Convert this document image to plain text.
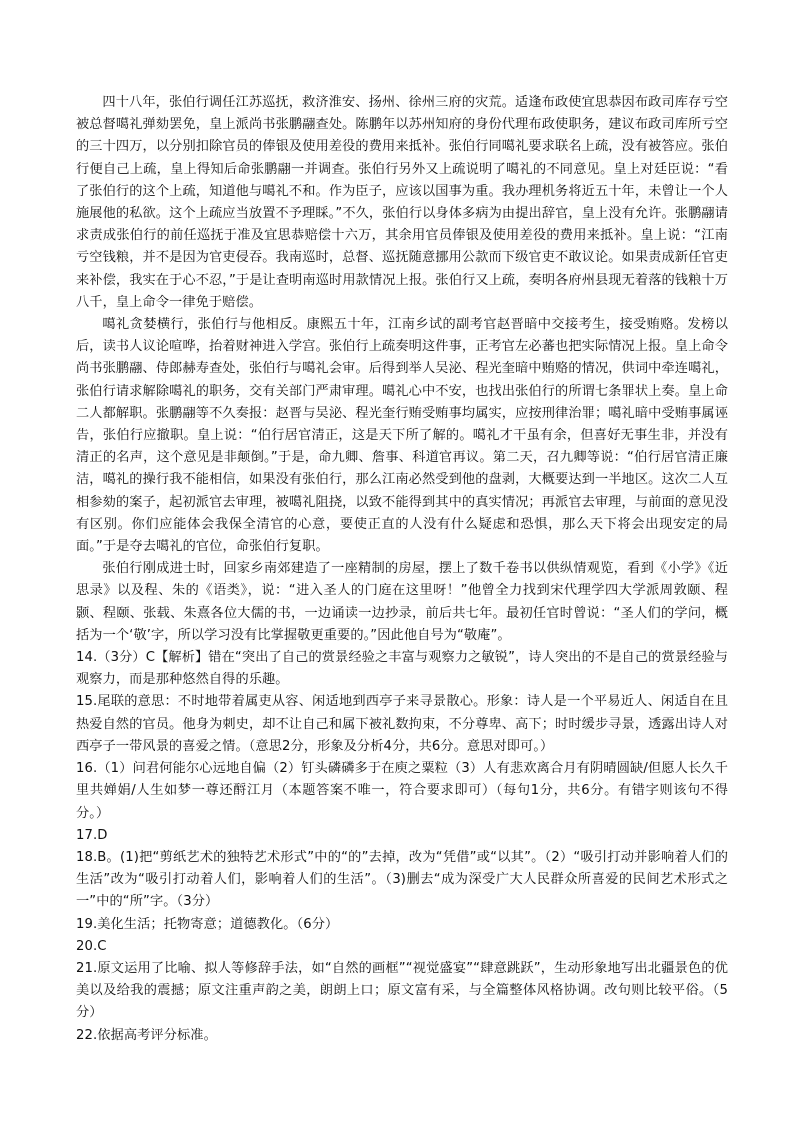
四十八年，张伯行调任江苏巡抚，救济淮安、扬州、徐州三府的灾荒。适逢布政使宜思恭因布政司库存亏空被总督噶礼弹劾罢免，皇上派尚书张鹏翮查处。陈鹏年以苏州知府的身份代理布政使职务，建议布政司库所亏空的三十四万，以分别扣除官员的俸银及使用差役的费用来抵补。张伯行同噶礼要求联名上疏，没有被答应。张伯行便自己上疏，皇上得知后命张鹏翮一并调查。张伯行另外又上疏说明了噶礼的不同意见。皇上对廷臣说：“看了张伯行的这个上疏，知道他与噶礼不和。作为臣子，应该以国事为重。我办理机务将近五十年，未曾让一个人施展他的私欲。这个上疏应当放置不予理睬。”不久，张伯行以身体多病为由提出辞官，皇上没有允许。张鹏翮请求责成张伯行的前任巡抚于准及宜思恭赔偿十六万，其余用官员俸银及使用差役的费用来抵补。皇上说：“江南亏空钱粮，并不是因为官吏侵吞。我南巡时，总督、巡抚随意挪用公款而下级官吏不敢议论。如果责成新任官吏来补偿，我实在于心不忍，”于是让查明南巡时用款情况上报。张伯行又上疏，奏明各府州县现无着落的钱粮十万八千，皇上命令一律免于赔偿。

噶礼贪婪横行，张伯行与他相反。康熙五十年，江南乡试的副考官赵晋暗中交接考生，接受贿赂。发榜以后，读书人议论喧哗，抬着财神进入学宫。张伯行上疏奏明这件事，正考官左必蕃也把实际情况上报。皇上命令尚书张鹏翮、侍郎赫寿查处，张伯行与噶礼会审。后得到举人吴泌、程光奎暗中贿赂的情况，供词中牵连噶礼，张伯行请求解除噶礼的职务，交有关部门严肃审理。噶礼心中不安，也找出张伯行的所谓七条罪状上奏。皇上命二人都解职。张鹏翮等不久奏报：赵晋与吴泌、程光奎行贿受贿事均属实，应按刑律治罪；噶礼暗中受贿事属诬告，张伯行应撤职。皇上说：“伯行居官清正，这是天下所了解的。噶礼才干虽有余，但喜好无事生非，并没有清正的名声，这个意见是非颠倒。”于是，命九卿、詹事、科道官再议。第二天，召九卿等说：“伯行居官清正廉洁，噶礼的操行我不能相信，如果没有张伯行，那么江南必然受到他的盘剥，大概要达到一半地区。这次二人互相参劾的案子，起初派官去审理，被噶礼阻挠，以致不能得到其中的真实情况；再派官去审理，与前面的意见没有区别。你们应能体会我保全清官的心意，要使正直的人没有什么疑虑和恐惧，那么天下将会出现安定的局面。”于是夺去噶礼的官位，命张伯行复职。

张伯行刚成进士时，回家乡南郊建造了一座精制的房屋，摆上了数千卷书以供纵情观览，看到《小学》《近思录》以及程、朱的《语类》，说：“进入圣人的门庭在这里呀！”他曾全力找到宋代理学四大学派周敦颐、程颢、程颐、张载、朱熹各位大儒的书，一边诵读一边抄录，前后共七年。最初任官时曾说：“圣人们的学问，概括为一个‘敬’字，所以学习没有比掌握敬更重要的。”因此他自号为“敬庵”。

14.（3分）C【解析】错在“突出了自己的赏景经验之丰富与观察力之敏锐”，诗人突出的不是自己的赏景经验与观察力，而是那种悠然自得的乐趣。

15.尾联的意思：不时地带着属吏从容、闲适地到西亭子来寻景散心。形象：诗人是一个平易近人、闲适自在且热爱自然的官员。他身为刺史，却不让自己和属下被礼数拘束，不分尊卑、高下；时时缓步寻景，透露出诗人对西亭子一带风景的喜爱之情。（意思2分，形象及分析4分，共6分。意思对即可。）

16.（1）问君何能尔心远地自偏（2）钉头磷磷多于在庾之粟粒（3）人有悲欢离合月有阴晴圆缺/但愿人长久千里共婵娟/人生如梦一尊还酹江月（本题答案不唯一，符合要求即可）（每句1分，共6分。有错字则该句不得分。）

17.D

18.B。(1)把“剪纸艺术的独特艺术形式”中的“的”去掉，改为“凭借”或“以其”。（2）“吸引打动并影响着人们的生活”改为“吸引打动着人们，影响着人们的生活”。（3)删去“成为深受广大人民群众所喜爱的民间艺术形式之一”中的“所”字。（3分）

19.美化生活；托物寄意；道德教化。（6分）

20.C

21.原文运用了比喻、拟人等修辞手法，如“自然的画框”“视觉盛宴”“肆意跳跃”，生动形象地写出北疆景色的优美以及给我的震撼；原文注重声韵之美，朗朗上口；原文富有采，与全篇整体风格协调。改句则比较平俗。（5分）

22.依据高考评分标准。
